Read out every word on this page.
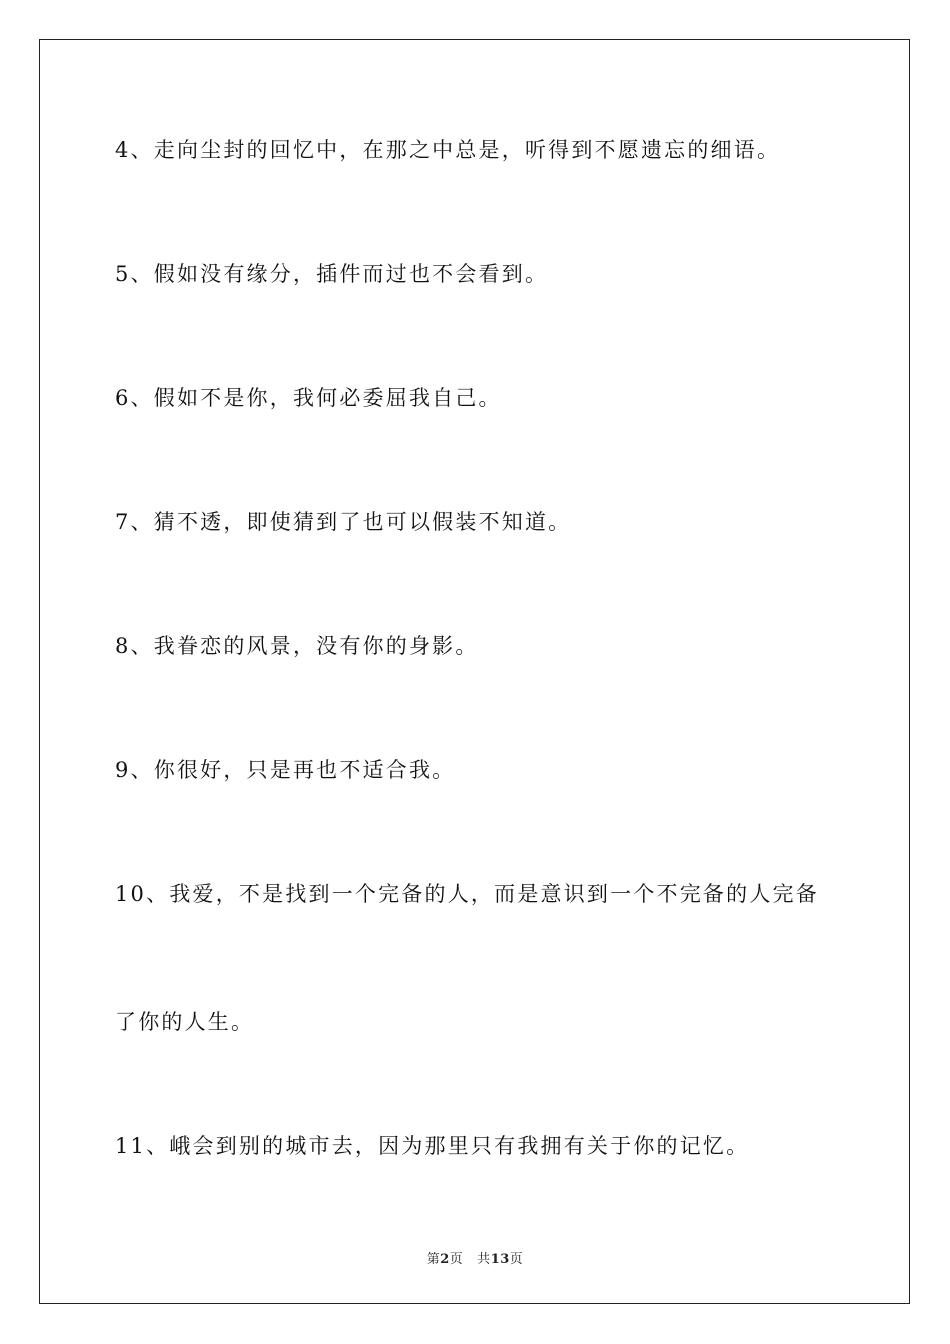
4、走向尘封的回忆中，在那之中总是，听得到不愿遗忘的细语。
5、假如没有缘分，插件而过也不会看到。
6、假如不是你，我何必委屈我自己。
7、猜不透，即使猜到了也可以假装不知道。
8、我眷恋的风景，没有你的身影。
9、你很好，只是再也不适合我。
10、我爱，不是找到一个完备的人，而是意识到一个不完备的人完备
了你的人生。
11、峨会到别的城市去，因为那里只有我拥有关于你的记忆。
第2页 共13页
